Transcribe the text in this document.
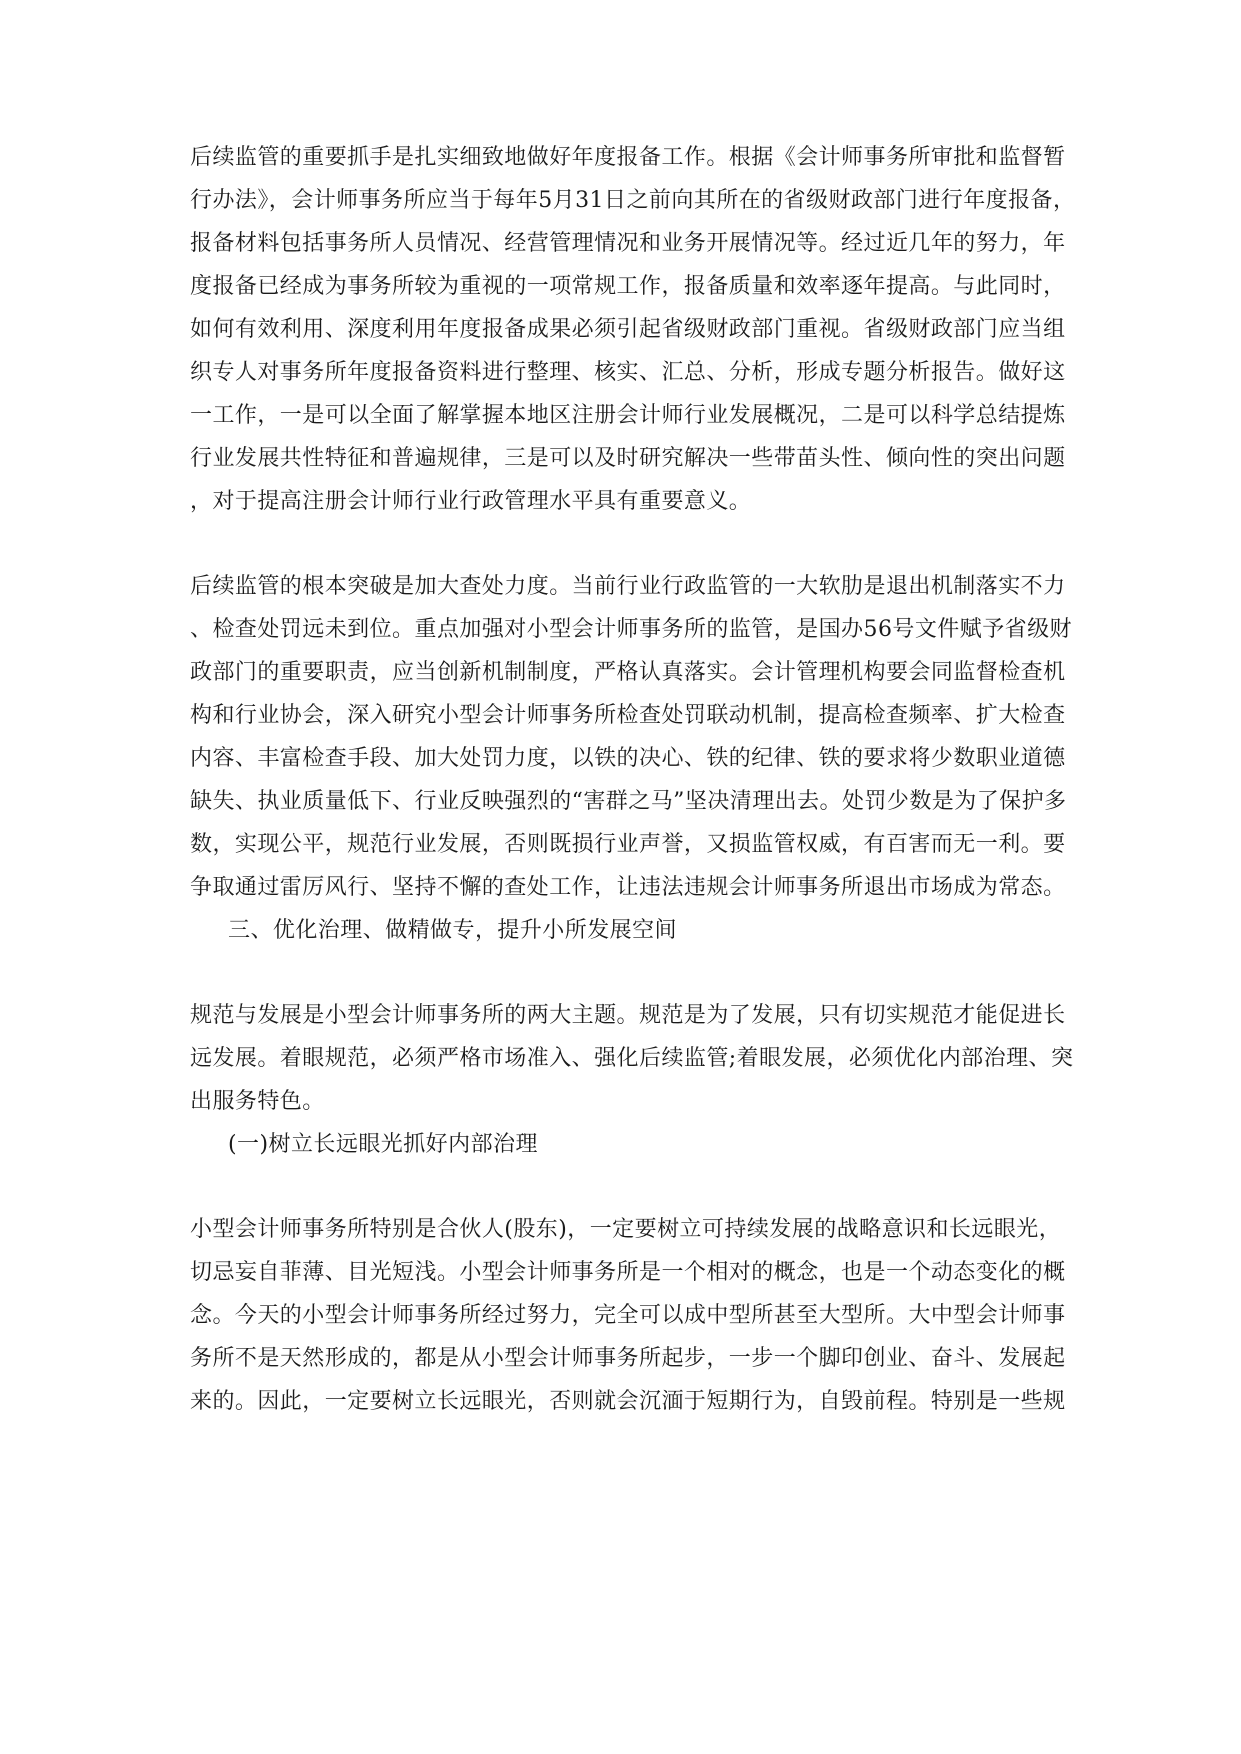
后续监管的重要抓手是扎实细致地做好年度报备工作。根据《会计师事务所审批和监督暂

行办法》，会计师事务所应当于每年5月31日之前向其所在的省级财政部门进行年度报备，

报备材料包括事务所人员情况、经营管理情况和业务开展情况等。经过近几年的努力，年

度报备已经成为事务所较为重视的一项常规工作，报备质量和效率逐年提高。与此同时，

如何有效利用、深度利用年度报备成果必须引起省级财政部门重视。省级财政部门应当组

织专人对事务所年度报备资料进行整理、核实、汇总、分析，形成专题分析报告。做好这

一工作，一是可以全面了解掌握本地区注册会计师行业发展概况，二是可以科学总结提炼

行业发展共性特征和普遍规律，三是可以及时研究解决一些带苗头性、倾向性的突出问题

，对于提高注册会计师行业行政管理水平具有重要意义。

后续监管的根本突破是加大查处力度。当前行业行政监管的一大软肋是退出机制落实不力

、检查处罚远未到位。重点加强对小型会计师事务所的监管，是国办56号文件赋予省级财

政部门的重要职责，应当创新机制制度，严格认真落实。会计管理机构要会同监督检查机

构和行业协会，深入研究小型会计师事务所检查处罚联动机制，提高检查频率、扩大检查

内容、丰富检查手段、加大处罚力度，以铁的决心、铁的纪律、铁的要求将少数职业道德

缺失、执业质量低下、行业反映强烈的“害群之马”坚决清理出去。处罚少数是为了保护多

数，实现公平，规范行业发展，否则既损行业声誉，又损监管权威，有百害而无一利。要

争取通过雷厉风行、坚持不懈的查处工作，让违法违规会计师事务所退出市场成为常态。

三、优化治理、做精做专，提升小所发展空间

规范与发展是小型会计师事务所的两大主题。规范是为了发展，只有切实规范才能促进长

远发展。着眼规范，必须严格市场准入、强化后续监管;着眼发展，必须优化内部治理、突

出服务特色。

(一)树立长远眼光抓好内部治理

小型会计师事务所特别是合伙人(股东)，一定要树立可持续发展的战略意识和长远眼光，

切忌妄自菲薄、目光短浅。小型会计师事务所是一个相对的概念，也是一个动态变化的概

念。今天的小型会计师事务所经过努力，完全可以成中型所甚至大型所。大中型会计师事

务所不是天然形成的，都是从小型会计师事务所起步，一步一个脚印创业、奋斗、发展起

来的。因此，一定要树立长远眼光，否则就会沉湎于短期行为，自毁前程。特别是一些规
